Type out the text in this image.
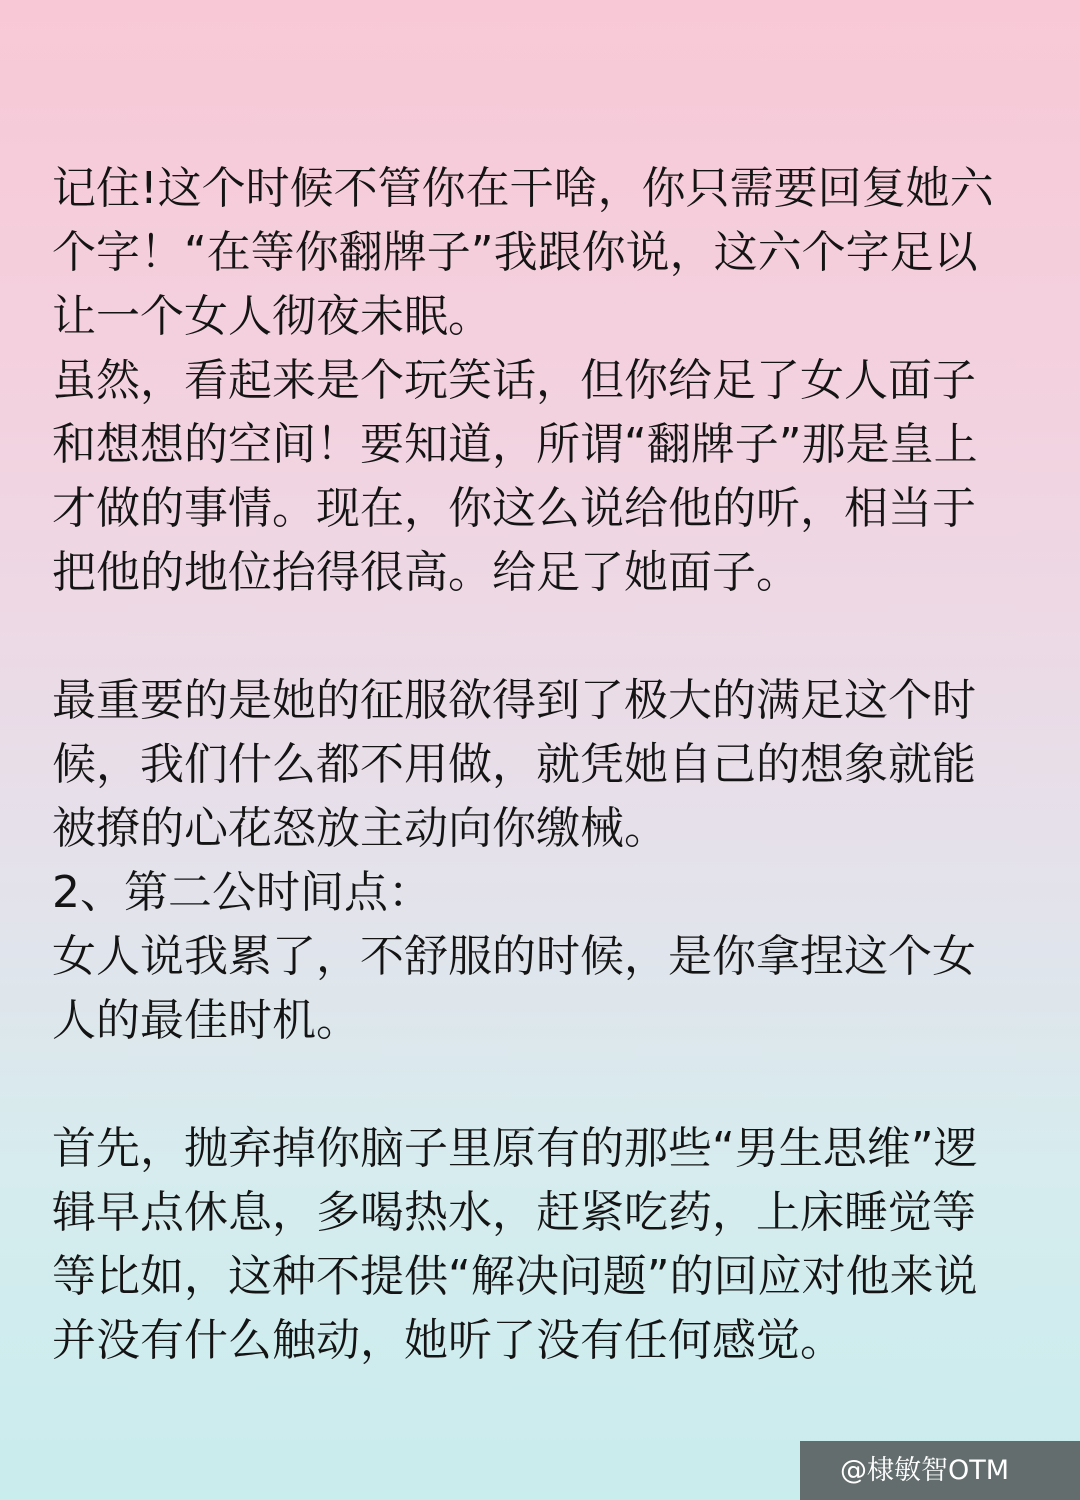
记住!这个时候不管你在干啥，你只需要回复她六
个字！“在等你翻牌子”我跟你说，这六个字足以
让一个女人彻夜未眠。
虽然，看起来是个玩笑话，但你给足了女人面子
和想想的空间！要知道，所谓“翻牌子”那是皇上
才做的事情。现在，你这么说给他的听，相当于
把他的地位抬得很高。给足了她面子。
最重要的是她的征服欲得到了极大的满足这个时
候，我们什么都不用做，就凭她自己的想象就能
被撩的心花怒放主动向你缴械。
2、第二公时间点：
女人说我累了，不舒服的时候，是你拿捏这个女
人的最佳时机。
首先，抛弃掉你脑子里原有的那些“男生思维”逻
辑早点休息，多喝热水，赶紧吃药，上床睡觉等
等比如，这种不提供“解决问题”的回应对他来说
并没有什么触动，她听了没有任何感觉。
@棣敏智OTM
